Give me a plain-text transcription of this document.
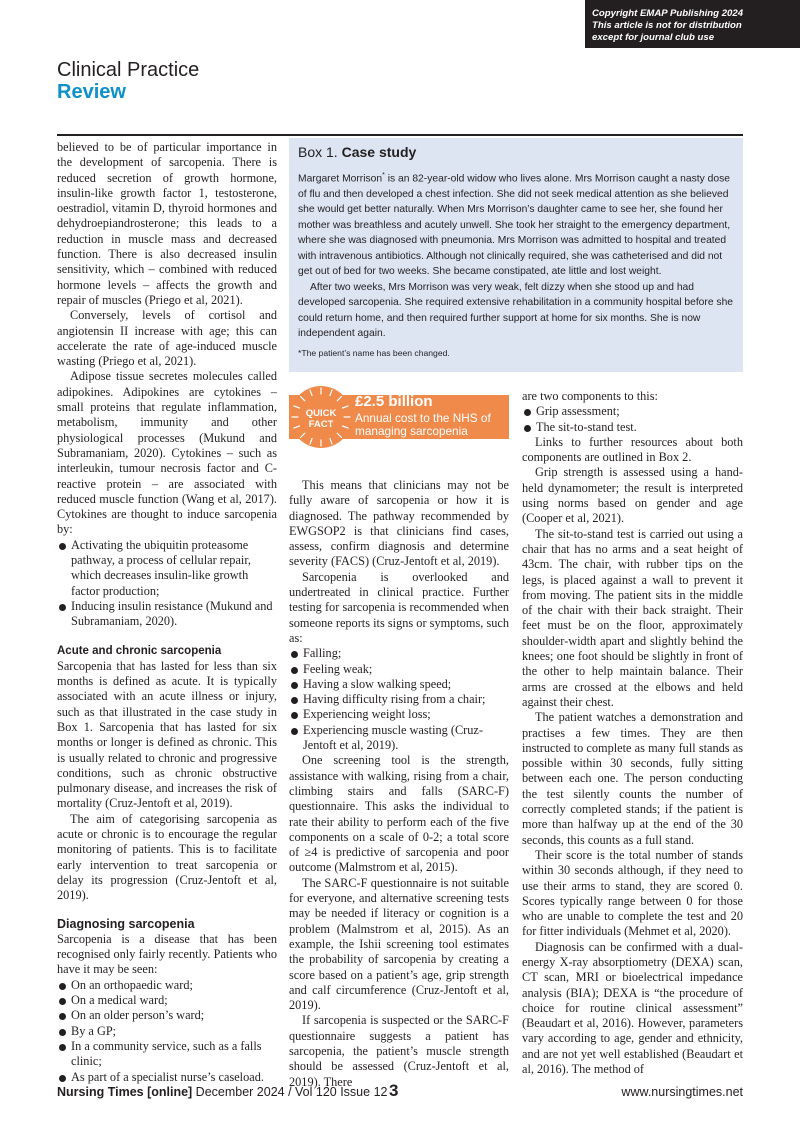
Copyright EMAP Publishing 2024
This article is not for distribution
except for journal club use
Clinical Practice
Review

believed to be of particular importance in the development of sarcopenia. There is reduced secretion of growth hormone, insulin-like growth factor 1, testosterone, oestradiol, vitamin D, thyroid hormones and dehydroepiandrosterone; this leads to a reduction in muscle mass and decreased function. There is also decreased insulin sensitivity, which – combined with reduced hormone levels – affects the growth and repair of muscles (Priego et al, 2021).

Conversely, levels of cortisol and angiotensin II increase with age; this can accelerate the rate of age-induced muscle wasting (Priego et al, 2021).

Adipose tissue secretes molecules called adipokines. Adipokines are cytokines – small proteins that regulate inflammation, metabolism, immunity and other physiological processes (Mukund and Subramaniam, 2020). Cytokines – such as interleukin, tumour necrosis factor and C-reactive protein – are associated with reduced muscle function (Wang et al, 2017). Cytokines are thought to induce sarcopenia by:

Activating the ubiquitin proteasome pathway, a process of cellular repair, which decreases insulin-like growth factor production;
Inducing insulin resistance (Mukund and Subramaniam, 2020).
Acute and chronic sarcopenia

Sarcopenia that has lasted for less than six months is defined as acute. It is typically associated with an acute illness or injury, such as that illustrated in the case study in Box 1. Sarcopenia that has lasted for six months or longer is defined as chronic. This is usually related to chronic and progressive conditions, such as chronic obstructive pulmonary disease, and increases the risk of mortality (Cruz-Jentoft et al, 2019).

The aim of categorising sarcopenia as acute or chronic is to encourage the regular monitoring of patients. This is to facilitate early intervention to treat sarcopenia or delay its progression (Cruz-Jentoft et al, 2019).

Diagnosing sarcopenia

Sarcopenia is a disease that has been recognised only fairly recently. Patients who have it may be seen:

On an orthopaedic ward;
On a medical ward;
On an older person’s ward;
By a GP;
In a community service, such as a falls clinic;
As part of a specialist nurse’s caseload.
Box 1. Case study

Margaret Morrison* is an 82-year-old widow who lives alone. Mrs Morrison caught a nasty dose of flu and then developed a chest infection. She did not seek medical attention as she believed she would get better naturally. When Mrs Morrison’s daughter came to see her, she found her mother was breathless and acutely unwell. She took her straight to the emergency department, where she was diagnosed with pneumonia. Mrs Morrison was admitted to hospital and treated with intravenous antibiotics. Although not clinically required, she was catheterised and did not get out of bed for two weeks. She became constipated, ate little and lost weight.

After two weeks, Mrs Morrison was very weak, felt dizzy when she stood up and had developed sarcopenia. She required extensive rehabilitation in a community hospital before she could return home, and then required further support at home for six months. She is now independent again.

*The patient’s name has been changed.

QUICK
FACT
£2.5 billion
Annual cost to the NHS of managing sarcopenia

This means that clinicians may not be fully aware of sarcopenia or how it is diagnosed. The pathway recommended by EWGSOP2 is that clinicians find cases, assess, confirm diagnosis and determine severity (FACS) (Cruz-Jentoft et al, 2019).

Sarcopenia is overlooked and undertreated in clinical practice. Further testing for sarcopenia is recommended when someone reports its signs or symptoms, such as:

Falling;
Feeling weak;
Having a slow walking speed;
Having difficulty rising from a chair;
Experiencing weight loss;
Experiencing muscle wasting (Cruz-Jentoft et al, 2019).

One screening tool is the strength, assistance with walking, rising from a chair, climbing stairs and falls (SARC-F) questionnaire. This asks the individual to rate their ability to perform each of the five components on a scale of 0-2; a total score of ≥4 is predictive of sarcopenia and poor outcome (Malmstrom et al, 2015).

The SARC-F questionnaire is not suitable for everyone, and alternative screening tests may be needed if literacy or cognition is a problem (Malmstrom et al, 2015). As an example, the Ishii screening tool estimates the probability of sarcopenia by creating a score based on a patient’s age, grip strength and calf circumference (Cruz-Jentoft et al, 2019).

If sarcopenia is suspected or the SARC-F questionnaire suggests a patient has sarcopenia, the patient’s muscle strength should be assessed (Cruz-Jentoft et al, 2019). There

are two components to this:

Grip assessment;
The sit-to-stand test.

Links to further resources about both components are outlined in Box 2.

Grip strength is assessed using a hand-held dynamometer; the result is interpreted using norms based on gender and age (Cooper et al, 2021).

The sit-to-stand test is carried out using a chair that has no arms and a seat height of 43cm. The chair, with rubber tips on the legs, is placed against a wall to prevent it from moving. The patient sits in the middle of the chair with their back straight. Their feet must be on the floor, approximately shoulder-width apart and slightly behind the knees; one foot should be slightly in front of the other to help maintain balance. Their arms are crossed at the elbows and held against their chest.

The patient watches a demonstration and practises a few times. They are then instructed to complete as many full stands as possible within 30 seconds, fully sitting between each one. The person conducting the test silently counts the number of correctly completed stands; if the patient is more than halfway up at the end of the 30 seconds, this counts as a full stand.

Their score is the total number of stands within 30 seconds although, if they need to use their arms to stand, they are scored 0. Scores typically range between 0 for those who are unable to complete the test and 20 for fitter individuals (Mehmet et al, 2020).

Diagnosis can be confirmed with a dual-energy X-ray absorptiometry (DEXA) scan, CT scan, MRI or bioelectrical impedance analysis (BIA); DEXA is “the procedure of choice for routine clinical assessment” (Beaudart et al, 2016). However, parameters vary according to age, gender and ethnicity, and are not yet well established (Beaudart et al, 2016). The method of

Nursing Times [online] December 2024 / Vol 120 Issue 12 3	www.nursingtimes.net
